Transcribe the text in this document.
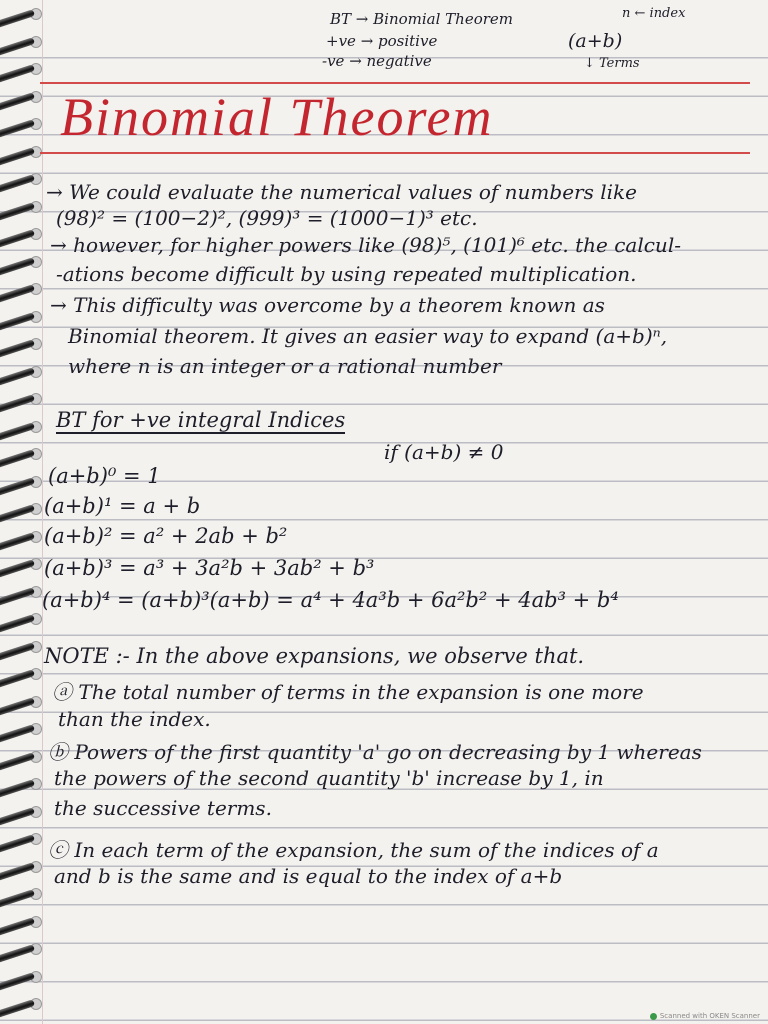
BT → Binomial Theorem
+ve → positive
-ve → negative
n ← index
(a+b)
↓ Terms
Binomial Theorem
→ We could evaluate the numerical values of numbers like
(98)² = (100−2)², (999)³ = (1000−1)³ etc.
→ however, for higher powers like (98)⁵, (101)⁶ etc. the calcul-
-ations become difficult by using repeated multiplication.
→ This difficulty was overcome by a theorem known as
Binomial theorem. It gives an easier way to expand (a+b)ⁿ,
where n is an integer or a rational number
BT for +ve integral Indices
if (a+b) ≠ 0
(a+b)⁰ = 1
(a+b)¹ = a + b
(a+b)² = a² + 2ab + b²
(a+b)³ = a³ + 3a²b + 3ab² + b³
(a+b)⁴ = (a+b)³(a+b) = a⁴ + 4a³b + 6a²b² + 4ab³ + b⁴
NOTE :- In the above expansions, we observe that.
ⓐ The total number of terms in the expansion is one more
than the index.
ⓑ Powers of the first quantity 'a' go on decreasing by 1 whereas
the powers of the second quantity 'b' increase by 1, in
the successive terms.
ⓒ In each term of the expansion, the sum of the indices of a
and b is the same and is equal to the index of a+b
Scanned with OKEN Scanner
